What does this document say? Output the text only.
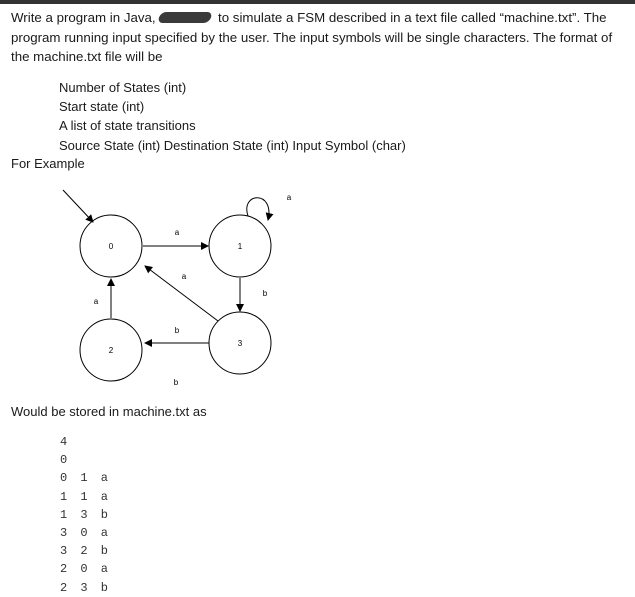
Write a program in Java,	to simulate a FSM described in a text file called “machine.txt”. The program running input specified by the user. The input symbols will be single characters. The format of the machine.txt file will be
Number of States (int)
Start state (int)
A list of state transitions
Source State (int) Destination State (int) Input Symbol (char)
For Example
0	1
2
3
a
a
b
a
b
a
b
Would be stored in machine.txt as
4
0
0 1 a
1 1 a
1 3 b
3 0 a
3 2 b
2 0 a
2 3 b
